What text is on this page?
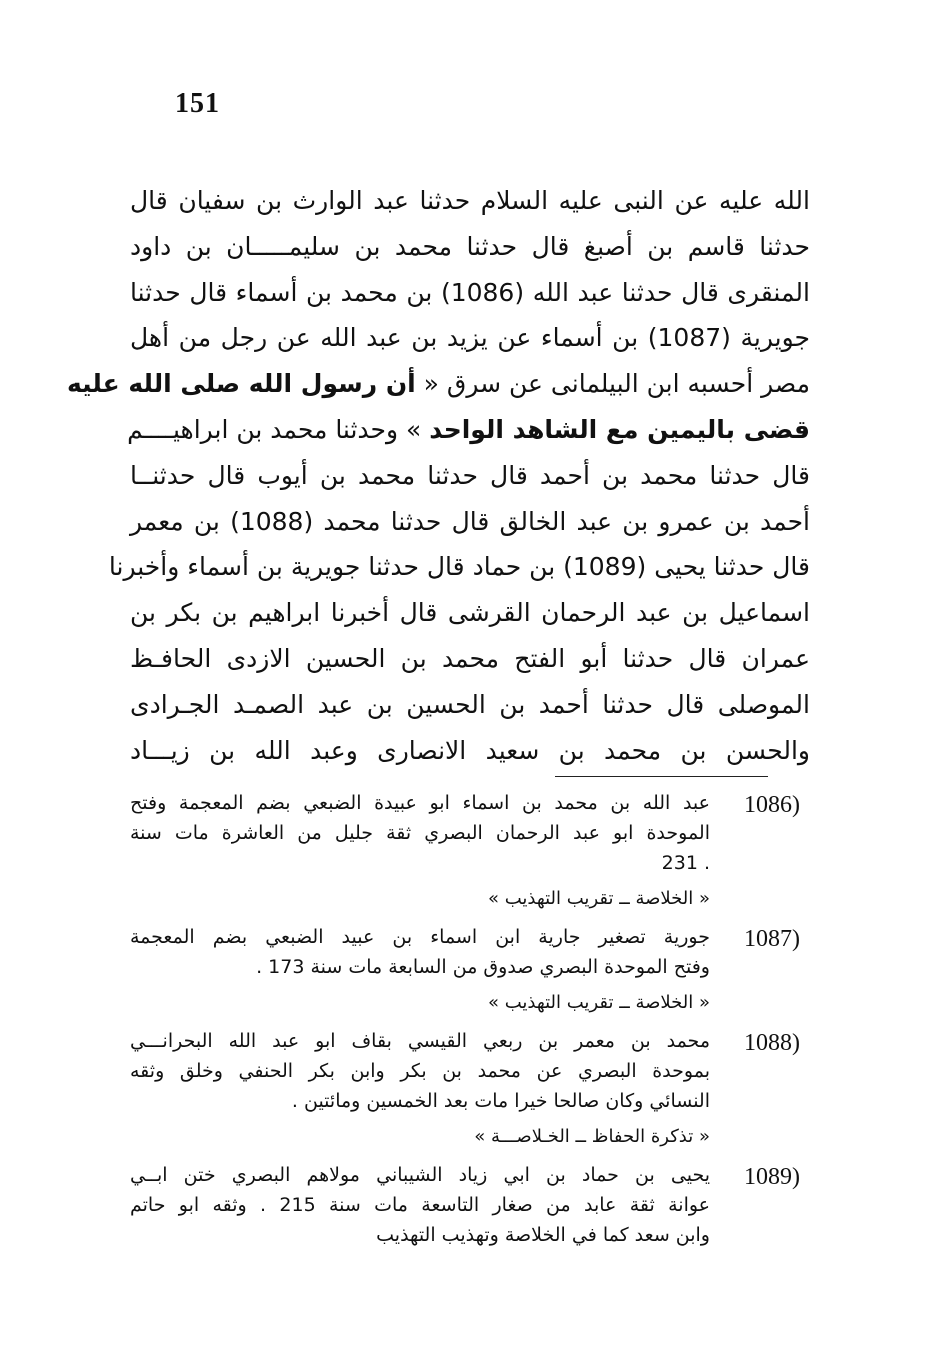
151
الله عليه عن النبى عليه السلام حدثنا عبد الوارث بن سفيان قال
حدثنا قاسم بن أصبغ قال حدثنا محمد بن سليمـــــان بن داود
المنقرى قال حدثنا عبد الله (1086) بن محمد بن أسماء قال حدثنا
جويرية (1087) بن أسماء عن يزيد بن عبد الله عن رجل من أهل
مصر أحسبه ابن البيلمانى عن سرق « أن رسول الله صلى الله عليه
قضى باليمين مع الشاهد الواحد » وحدثنا محمد بن ابراهيــــم
قال حدثنا محمد بن أحمد قال حدثنا محمد بن أيوب قال حدثنــا
أحمد بن عمرو بن عبد الخالق قال حدثنا محمد (1088) بن معمر
قال حدثنا يحيى (1089) بن حماد قال حدثنا جويرية بن أسماء وأخبرنا
اسماعيل بن عبد الرحمان القرشى قال أخبرنا ابراهيم بن بكر بن
عمران قال حدثنا أبو الفتح محمد بن الحسين الازدى الحافـظ
الموصلى قال حدثنا أحمد بن الحسين بن عبد الصمـد الجـرادى
والحسن بن محمد بن سعيد الانصارى وعبد الله بن زيـــاد
1086)
عبد الله بن محمد بن اسماء ابو عبيدة الضبعي بضم المعجمة وفتح
الموحدة ابو عبد الرحمان البصري ثقة جليل من العاشرة مات سنة
. 231
« الخلاصة ــ تقريب التهذيب »
1087)
جورية تصغير جارية ابن اسماء بن عبيد الضبعي بضم المعجمة
وفتح الموحدة البصري صدوق من السابعة مات سنة 173 .
« الخلاصة ــ تقريب التهذيب »
1088)
محمد بن معمر بن ربعي القيسي بقاف ابو عبد الله البحرانـــي
بموحدة البصري عن محمد بن بكر وابن بكر الحنفي وخلق وثقه
النسائي وكان صالحا خيرا مات بعد الخمسين ومائتين .
« تذكرة الحفاظ ــ الخـلاصـــة »
1089)
يحيى بن حماد بن ابي زياد الشيباني مولاهم البصري ختن ابــي
عوانة ثقة عابد من صغار التاسعة مات سنة 215 . وثقه ابو حاتم
وابن سعد كما في الخلاصة وتهذيب التهذيب
